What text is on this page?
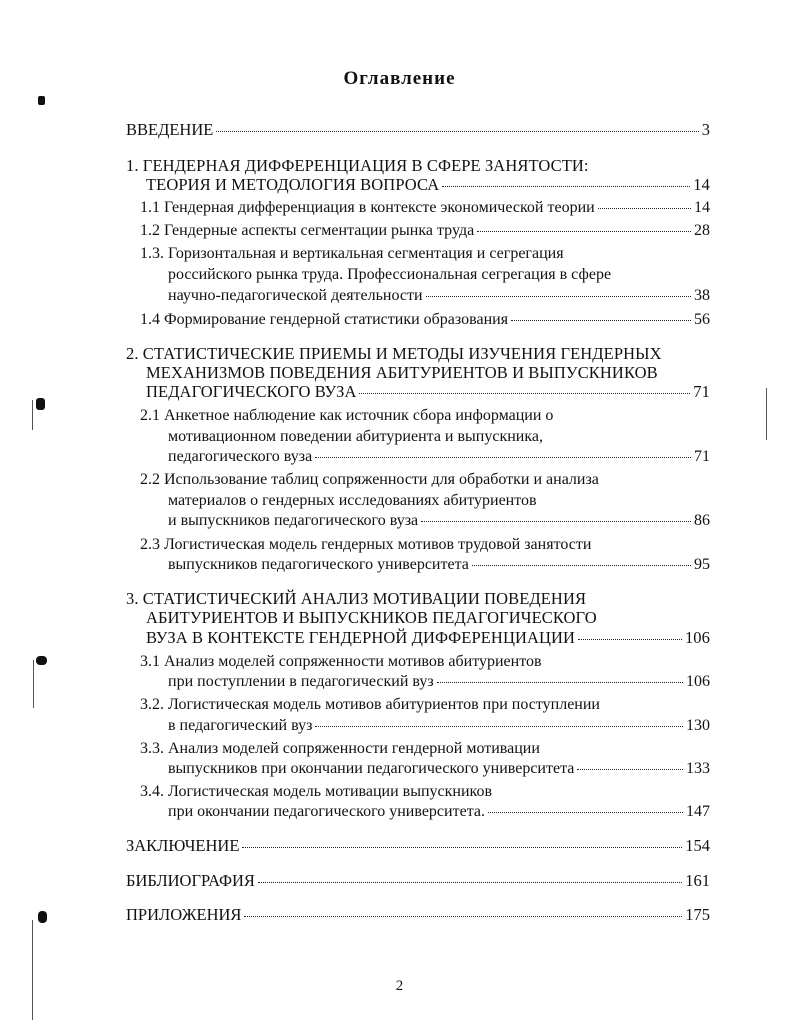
Оглавление
ВВЕДЕНИЕ	3
1. ГЕНДЕРНАЯ ДИФФЕРЕНЦИАЦИЯ В СФЕРЕ ЗАНЯТОСТИ:
ТЕОРИЯ И МЕТОДОЛОГИЯ ВОПРОСА	14
1.1 Гендерная дифференциация в контексте экономической теории	14
1.2 Гендерные аспекты сегментации рынка труда	28
1.3. Горизонтальная и вертикальная сегментация и сегрегация
российского рынка труда. Профессиональная сегрегация в сфере
научно-педагогической деятельности	38
1.4 Формирование гендерной статистики образования	56
2. СТАТИСТИЧЕСКИЕ ПРИЕМЫ И МЕТОДЫ ИЗУЧЕНИЯ ГЕНДЕРНЫХ
МЕХАНИЗМОВ ПОВЕДЕНИЯ АБИТУРИЕНТОВ И ВЫПУСКНИКОВ
ПЕДАГОГИЧЕСКОГО ВУЗА	71
2.1 Анкетное наблюдение как источник сбора информации о
мотивационном поведении абитуриента и выпускника,
педагогического вуза	71
2.2 Использование таблиц сопряженности для обработки и анализа
материалов о гендерных исследованиях абитуриентов
и выпускников педагогического вуза	86
2.3 Логистическая модель гендерных мотивов трудовой занятости
выпускников педагогического университета	95
3. СТАТИСТИЧЕСКИЙ АНАЛИЗ МОТИВАЦИИ ПОВЕДЕНИЯ
АБИТУРИЕНТОВ И ВЫПУСКНИКОВ ПЕДАГОГИЧЕСКОГО
ВУЗА В КОНТЕКСТЕ ГЕНДЕРНОЙ ДИФФЕРЕНЦИАЦИИ	106
3.1 Анализ моделей сопряженности мотивов абитуриентов
при поступлении в педагогический вуз	106
3.2. Логистическая модель мотивов абитуриентов при поступлении
в педагогический вуз	130
3.3. Анализ моделей сопряженности гендерной мотивации
выпускников при окончании педагогического университета	133
3.4. Логистическая модель мотивации выпускников
при окончании педагогического университета.	147
ЗАКЛЮЧЕНИЕ	154
БИБЛИОГРАФИЯ	161
ПРИЛОЖЕНИЯ	175
2
